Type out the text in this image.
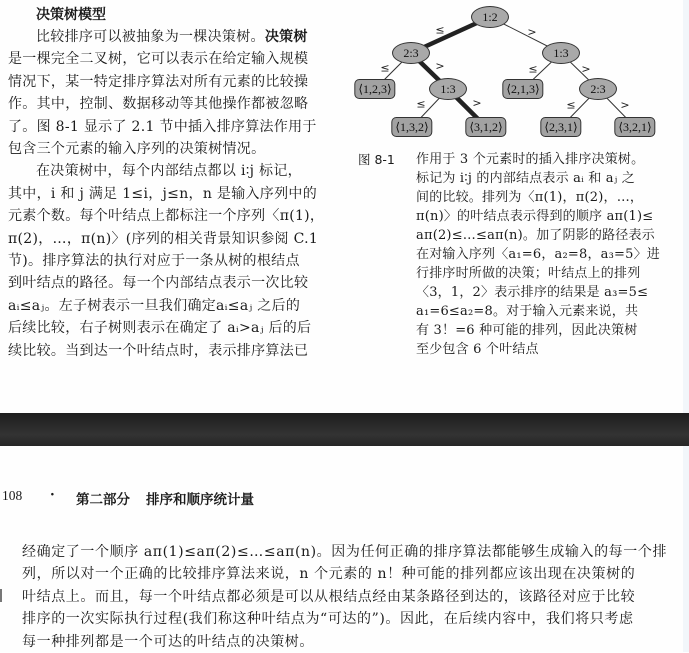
决策树模型

比较排序可以被抽象为一棵决策树。决策树
是一棵完全二叉树，它可以表示在给定输入规模
情况下，某一特定排序算法对所有元素的比较操
作。其中，控制、数据移动等其他操作都被忽略
了。图 8-1 显示了 2.1 节中插入排序算法作用于
包含三个元素的输入序列的决策树情况。

在决策树中，每个内部结点都以 i∶j 标记，
其中，i 和 j 满足 1≤i，j≤n，n 是输入序列中的
元素个数。每个叶结点上都标注一个序列〈π(1)，
π(2)，…，π(n)〉(序列的相关背景知识参阅 C.1
节)。排序算法的执行对应于一条从树的根结点
到叶结点的路径。每一个内部结点表示一次比较
aᵢ≤aⱼ。左子树表示一旦我们确定aᵢ≤aⱼ 之后的
后续比较，右子树则表示在确定了 aᵢ>aⱼ 后的后
续比较。当到达一个叶结点时，表示排序算法已

≤	>
≤	>	≤	>
≤	>	≤	>
1:2
2:3	1:3
1:3	2:3
⟨1,2,3⟩	⟨2,1,3⟩
⟨1,3,2⟩	⟨3,1,2⟩	⟨2,3,1⟩	⟨3,2,1⟩
图 8-1 作用于 3 个元素时的插入排序决策树。
标记为 i∶j 的内部结点表示 aᵢ 和 aⱼ 之
间的比较。排列为〈π(1)，π(2)，…，
π(n)〉的叶结点表示得到的顺序 aπ(1)≤
aπ(2)≤…≤aπ(n)。加了阴影的路径表示
在对输入序列〈a₁=6，a₂=8，a₃=5〉进
行排序时所做的决策；叶结点上的排列
〈3，1，2〉表示排序的结果是 a₃=5≤
a₁=6≤a₂=8。对于输入元素来说，共
有 3！=6 种可能的排列，因此决策树
至少包含 6 个叶结点
108 · 第二部分 排序和顺序统计量

经确定了一个顺序 aπ(1)≤aπ(2)≤…≤aπ(n)。因为任何正确的排序算法都能够生成输入的每一个排
列，所以对一个正确的比较排序算法来说，n 个元素的 n！种可能的排列都应该出现在决策树的
叶结点上。而且，每一个叶结点都必须是可以从根结点经由某条路径到达的，该路径对应于比较
排序的一次实际执行过程(我们称这种叶结点为“可达的”)。因此，在后续内容中，我们将只考虑
每一种排列都是一个可达的叶结点的决策树。
